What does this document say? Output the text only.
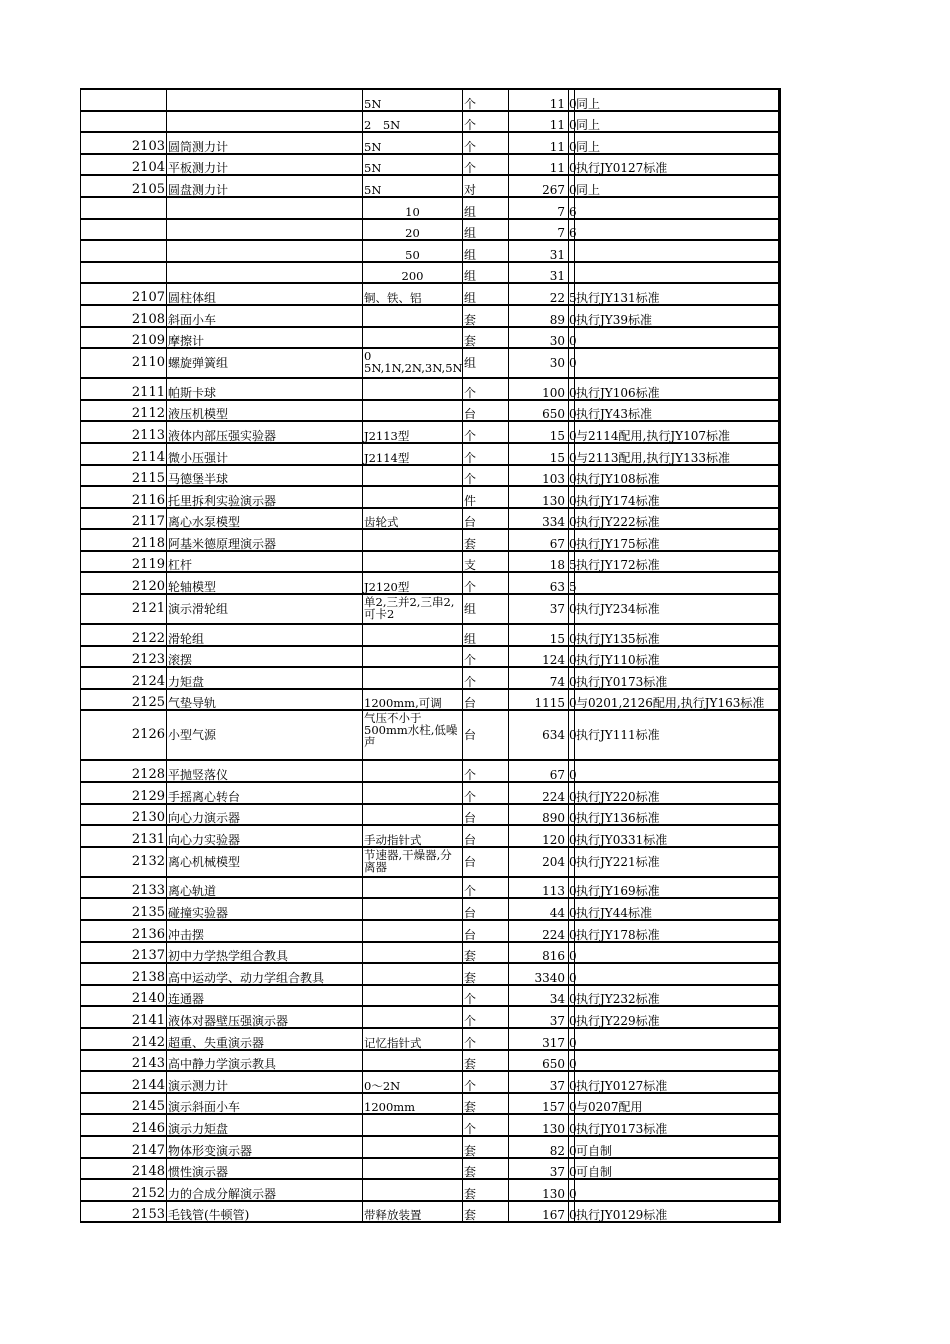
		5N	个	11	0	同上
		2　5N	个	11	0	同上
2103	圆筒测力计	5N	个	11	0	同上
2104	平板测力计	5N	个	11	0	执行JY0127标准
2105	圆盘测力计	5N	对	267	0	同上
		10	组	7	6	
		20	组	7	6	
		50	组	31		
		200	组	31		
2107	圆柱体组	铜、铁、铝	组	22	5	执行JY131标准
2108	斜面小车		套	89	0	执行JY39标准
2109	摩擦计		套	30	0	
2110	螺旋弹簧组	0　5N,1N,2N,3N,5N	组	30	0	
2111	帕斯卡球		个	100	0	执行JY106标准
2112	液压机模型		台	650	0	执行JY43标准
2113	液体内部压强实验器	J2113型	个	15	0	与2114配用,执行JY107标准
2114	微小压强计	J2114型	个	15	0	与2113配用,执行JY133标准
2115	马德堡半球		个	103	0	执行JY108标准
2116	托里拆利实验演示器		件	130	0	执行JY174标准
2117	离心水泵模型	齿轮式	台	334	0	执行JY222标准
2118	阿基米德原理演示器		套	67	0	执行JY175标准
2119	杠杆		支	18	5	执行JY172标准
2120	轮轴模型	J2120型	个	63	5	
2121	演示滑轮组	单2,三并2,三串2,可卡2	组	37	0	执行JY234标准
2122	滑轮组		组	15	0	执行JY135标准
2123	滚摆		个	124	0	执行JY110标准
2124	力矩盘		个	74	0	执行JY0173标准
2125	气垫导轨	1200mm,可调	台	1115	0	与0201,2126配用,执行JY163标准
2126	小型气源	气压不小于500mm水柱,低噪声	台	634	0	执行JY111标准
2128	平抛竖落仪		个	67	0	
2129	手摇离心转台		个	224	0	执行JY220标准
2130	向心力演示器		台	890	0	执行JY136标准
2131	向心力实验器	手动指针式	台	120	0	执行JY0331标准
2132	离心机械模型	节速器,干燥器,分离器	台	204	0	执行JY221标准
2133	离心轨道		个	113	0	执行JY169标准
2135	碰撞实验器		台	44	0	执行JY44标准
2136	冲击摆		台	224	0	执行JY178标准
2137	初中力学热学组合教具		套	816	0	
2138	高中运动学、动力学组合教具		套	3340	0	
2140	连通器		个	34	0	执行JY232标准
2141	液体对器壁压强演示器		个	37	0	执行JY229标准
2142	超重、失重演示器	记忆指针式	个	317	0	
2143	高中静力学演示教具		套	650	0	
2144	演示测力计	0～2N	个	37	0	执行JY0127标准
2145	演示斜面小车	1200mm	套	157	0	与0207配用
2146	演示力矩盘		个	130	0	执行JY0173标准
2147	物体形变演示器		套	82	0	可自制
2148	惯性演示器		套	37	0	可自制
2152	力的合成分解演示器		套	130	0	
2153	毛钱管(牛顿管)	带释放装置	套	167	0	执行JY0129标准
